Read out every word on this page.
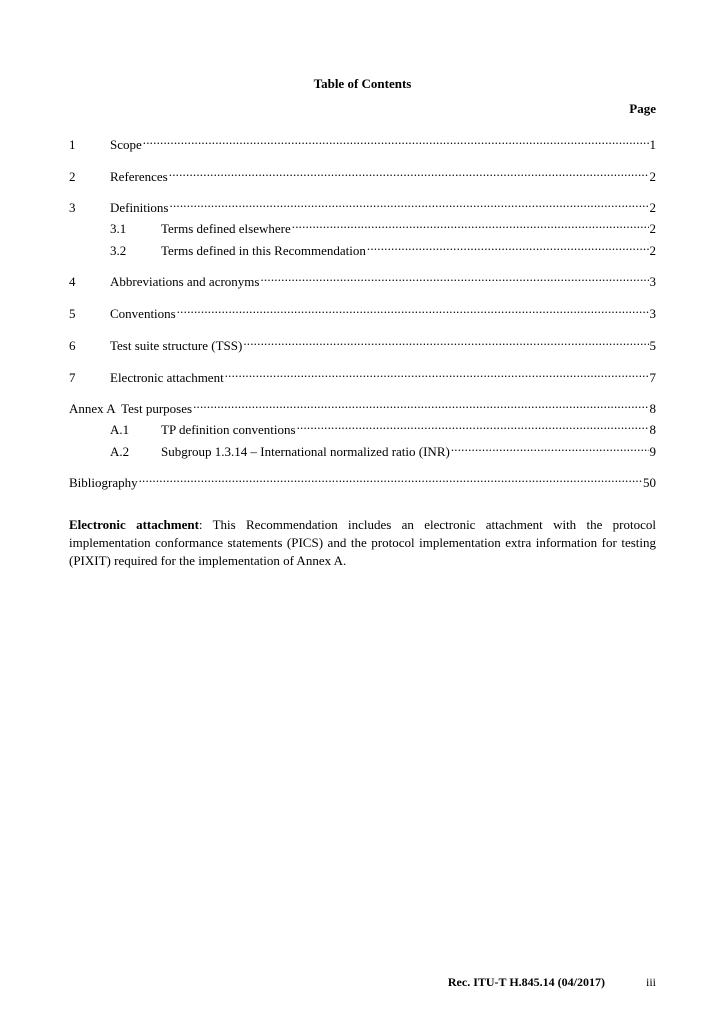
Table of Contents
Page
1	Scope .....	1
2	References .....	2
3	Definitions .....	2
3.1	Terms defined elsewhere .....	2
3.2	Terms defined in this Recommendation .....	2
4	Abbreviations and acronyms .....	3
5	Conventions .....	3
6	Test suite structure (TSS) .....	5
7	Electronic attachment .....	7
Annex A  Test purposes .....	8
A.1	TP definition conventions .....	8
A.2	Subgroup 1.3.14 – International normalized ratio (INR) .....	9
Bibliography .....	50
Electronic attachment: This Recommendation includes an electronic attachment with the protocol implementation conformance statements (PICS) and the protocol implementation extra information for testing (PIXIT) required for the implementation of Annex A.
Rec. ITU-T H.845.14 (04/2017)	iii
